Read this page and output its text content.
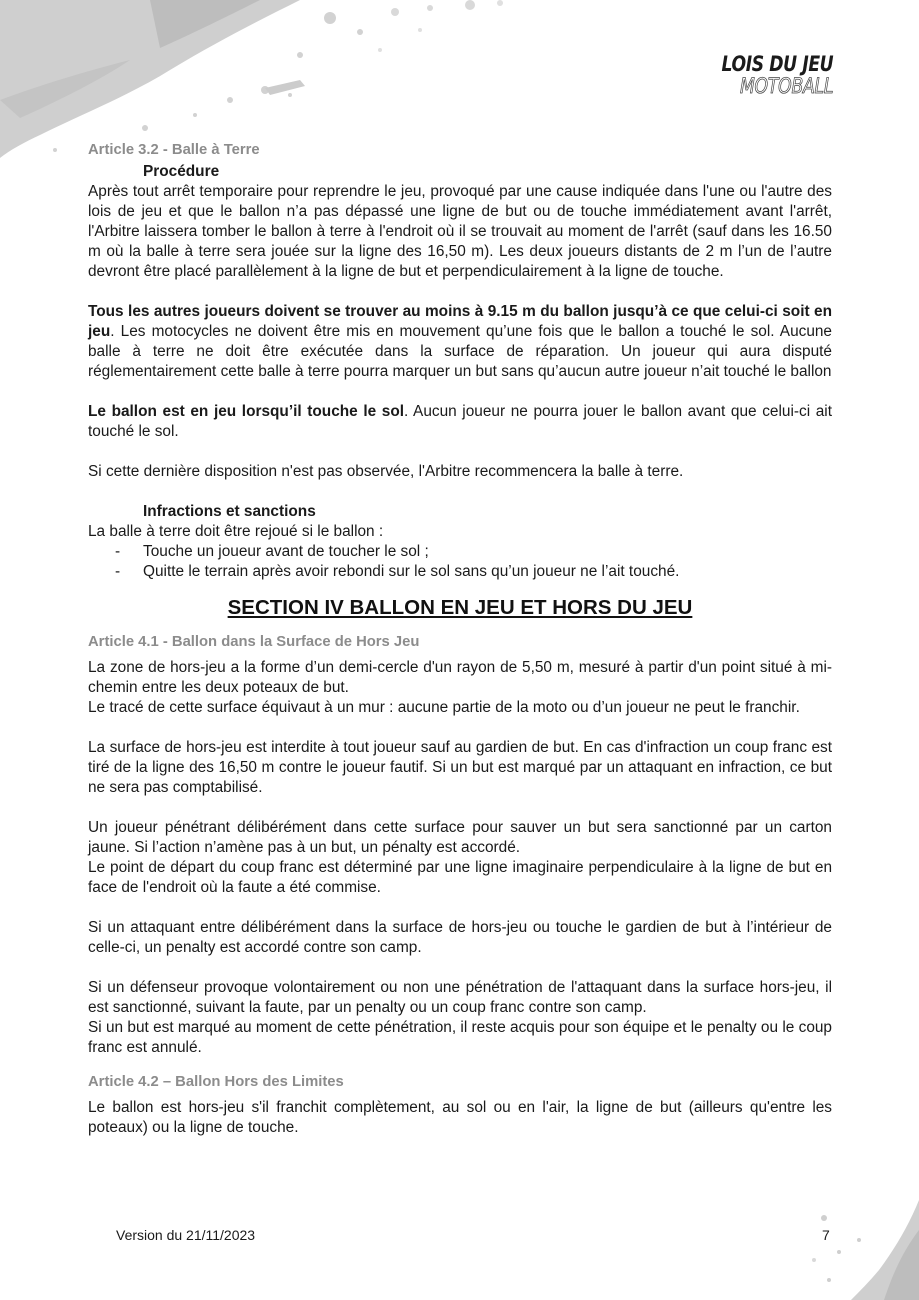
LOIS DU JEU
MOTOBALL
Article 3.2 - Balle à Terre
Procédure

Après tout arrêt temporaire pour reprendre le jeu, provoqué par une cause indiquée dans l'une ou l'autre des lois de jeu et que le ballon n’a pas dépassé une ligne de but ou de touche immédiatement avant l'arrêt, l'Arbitre laissera tomber le ballon à terre à l'endroit où il se trouvait au moment de l'arrêt (sauf dans les 16.50 m où la balle à terre sera jouée sur la ligne des 16,50 m). Les deux joueurs distants de 2 m l’un de l’autre devront être placé parallèlement à la ligne de but et perpendiculairement à la ligne de touche.

Tous les autres joueurs doivent se trouver au moins à 9.15 m du ballon jusqu’à ce que celui-ci soit en jeu. Les motocycles ne doivent être mis en mouvement qu’une fois que le ballon a touché le sol. Aucune balle à terre ne doit être exécutée dans la surface de réparation. Un joueur qui aura disputé réglementairement cette balle à terre pourra marquer un but sans qu’aucun autre joueur n’ait touché le ballon

Le ballon est en jeu lorsqu’il touche le sol. Aucun joueur ne pourra jouer le ballon avant que celui-ci ait touché le sol.

Si cette dernière disposition n'est pas observée, l'Arbitre recommencera la balle à terre.

Infractions et sanctions

La balle à terre doit être rejoué si le ballon :

- Touche un joueur avant de toucher le sol ;
- Quitte le terrain après avoir rebondi sur le sol sans qu’un joueur ne l’ait touché.
SECTION IV BALLON EN JEU ET HORS DU JEU
Article 4.1 - Ballon dans la Surface de Hors Jeu

La zone de hors-jeu a la forme d’un demi-cercle d'un rayon de 5,50 m, mesuré à partir d'un point situé à mi-chemin entre les deux poteaux de but.

Le tracé de cette surface équivaut à un mur : aucune partie de la moto ou d’un joueur ne peut le franchir.

La surface de hors-jeu est interdite à tout joueur sauf au gardien de but. En cas d'infraction un coup franc est tiré de la ligne des 16,50 m contre le joueur fautif. Si un but est marqué par un attaquant en infraction, ce but ne sera pas comptabilisé.

Un joueur pénétrant délibérément dans cette surface pour sauver un but sera sanctionné par un carton jaune. Si l’action n’amène pas à un but, un pénalty est accordé.

Le point de départ du coup franc est déterminé par une ligne imaginaire perpendiculaire à la ligne de but en face de l'endroit où la faute a été commise.

Si un attaquant entre délibérément dans la surface de hors-jeu ou touche le gardien de but à l’intérieur de celle-ci, un penalty est accordé contre son camp.

Si un défenseur provoque volontairement ou non une pénétration de l'attaquant dans la surface hors-jeu, il est sanctionné, suivant la faute, par un penalty ou un coup franc contre son camp.

Si un but est marqué au moment de cette pénétration, il reste acquis pour son équipe et le penalty ou le coup franc est annulé.

Article 4.2 – Ballon Hors des Limites

Le ballon est hors-jeu s'il franchit complètement, au sol ou en l'air, la ligne de but (ailleurs qu'entre les poteaux) ou la ligne de touche.

Version du 21/11/2023	7
